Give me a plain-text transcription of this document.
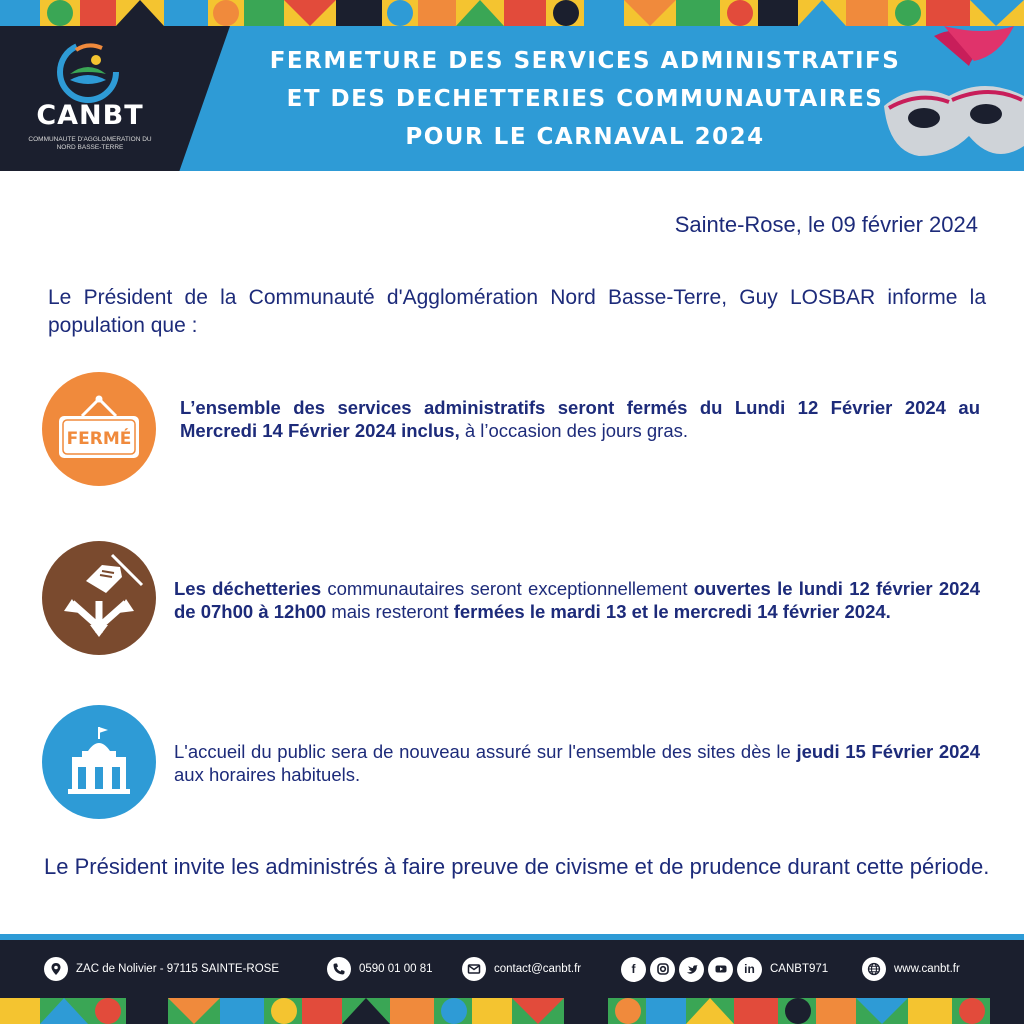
CANBT
COMMUNAUTE D'AGGLOMERATION DU NORD BASSE-TERRE
FERMETURE DES SERVICES ADMINISTRATIFS
ET DES DECHETTERIES COMMUNAUTAIRES
POUR LE CARNAVAL 2024
Sainte-Rose, le 09 février 2024

Le Président de la Communauté d'Agglomération Nord Basse-Terre, Guy LOSBAR informe la population que :

FERMÉ

L’ensemble des services administratifs seront fermés du Lundi 12 Février 2024 au Mercredi 14 Février 2024 inclus, à l’occasion des jours gras.

Les déchetteries communautaires seront exceptionnellement ouvertes le lundi 12 février 2024 de 07h00 à 12h00 mais resteront fermées le mardi 13 et le mercredi 14 février 2024.

L'accueil du public sera de nouveau assuré sur l'ensemble des sites dès le jeudi 15 Février 2024 aux horaires habituels.

Le Président invite les administrés à faire preuve de civisme et de prudence durant cette période.

ZAC de Nolivier - 97115 SAINTE-ROSE	0590 01 00 81	contact@canbt.fr	f	in	CANBT971	www.canbt.fr
